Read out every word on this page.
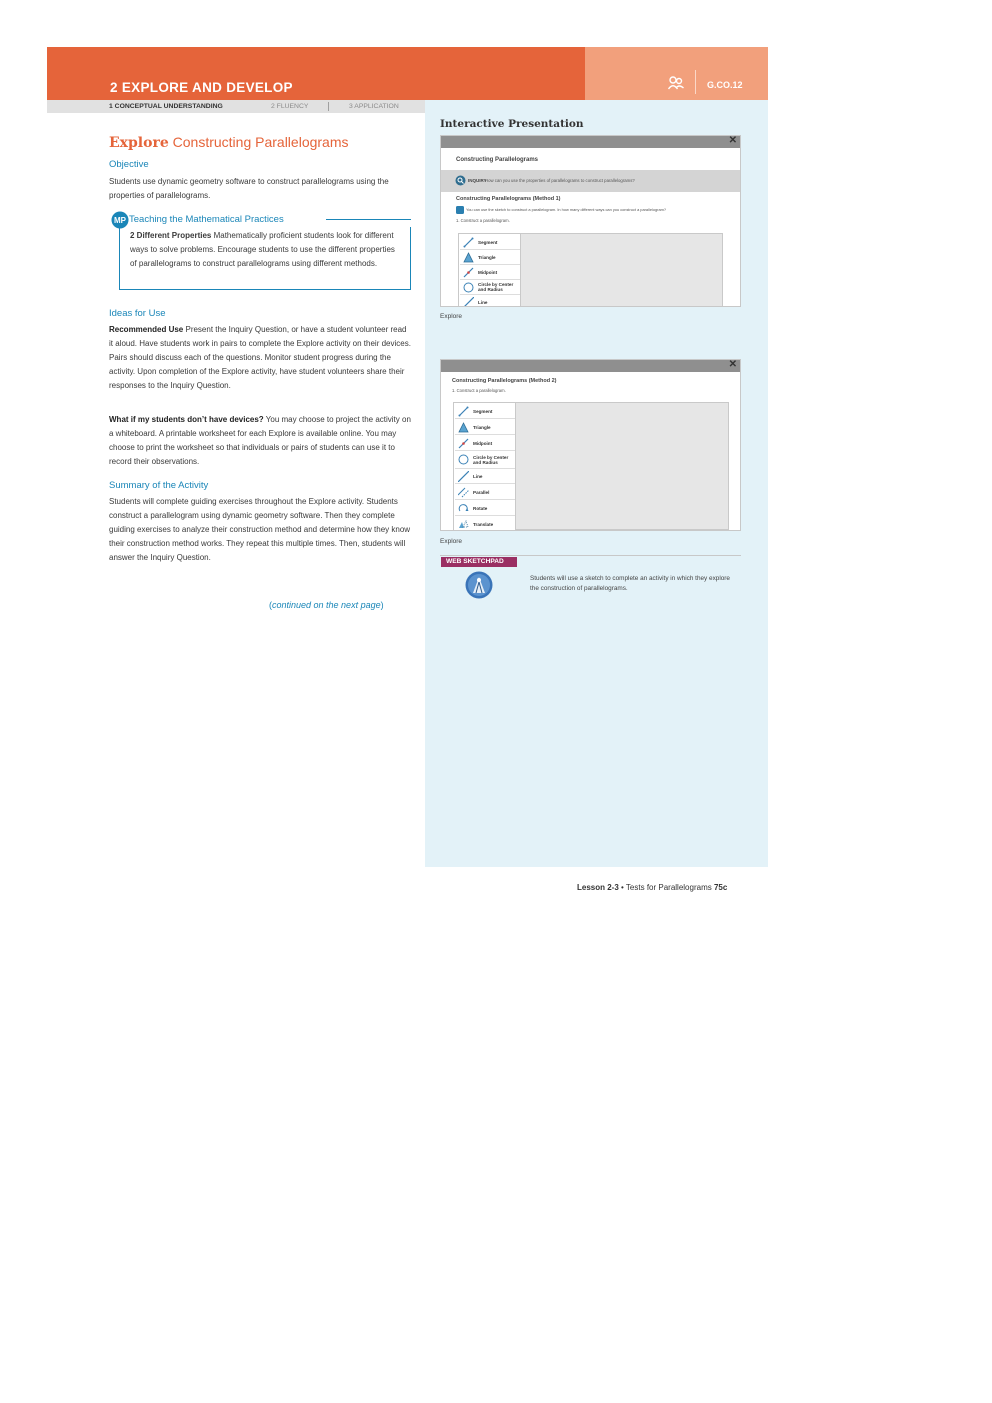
2 EXPLORE AND DEVELOP	G.CO.12
1 CONCEPTUAL UNDERSTANDING	2 FLUENCY	3 APPLICATION
Interactive Presentation
✕
Constructing Parallelograms
INQUIRY
How can you use the properties of parallelograms to construct parallelograms?
Constructing Parallelograms (Method 1)
You can use the sketch to construct a parallelogram. In how many different ways can you construct a parallelogram?
1. Construct a parallelogram.
Segment
Triangle
Midpoint
Circle by Center and Radius
Line
Explore
✕
Constructing Parallelograms (Method 2)
1. Construct a parallelogram.
Segment
Triangle
Midpoint
Circle by Center and Radius
Line
Parallel
Rotate
Translate
Explore
WEB SKETCHPAD
Students will use a sketch to complete an activity in which they explore the construction of parallelograms.
Explore Constructing Parallelograms
Objective
Students use dynamic geometry software to construct parallelograms using the properties of parallelograms.
MP Teaching the Mathematical Practices
2 Different Properties Mathematically proficient students look for different ways to solve problems. Encourage students to use the different properties of parallelograms to construct parallelograms using different methods.
Ideas for Use
Recommended Use Present the Inquiry Question, or have a student volunteer read it aloud. Have students work in pairs to complete the Explore activity on their devices. Pairs should discuss each of the questions. Monitor student progress during the activity. Upon completion of the Explore activity, have student volunteers share their responses to the Inquiry Question.
What if my students don’t have devices? You may choose to project the activity on a whiteboard. A printable worksheet for each Explore is available online. You may choose to print the worksheet so that individuals or pairs of students can use it to record their observations.
Summary of the Activity
Students will complete guiding exercises throughout the Explore activity. Students construct a parallelogram using dynamic geometry software. Then they complete guiding exercises to analyze their construction method and determine how they know their construction method works. They repeat this multiple times. Then, students will answer the Inquiry Question.
(continued on the next page)
Lesson 2-3 • Tests for Parallelograms 75c
